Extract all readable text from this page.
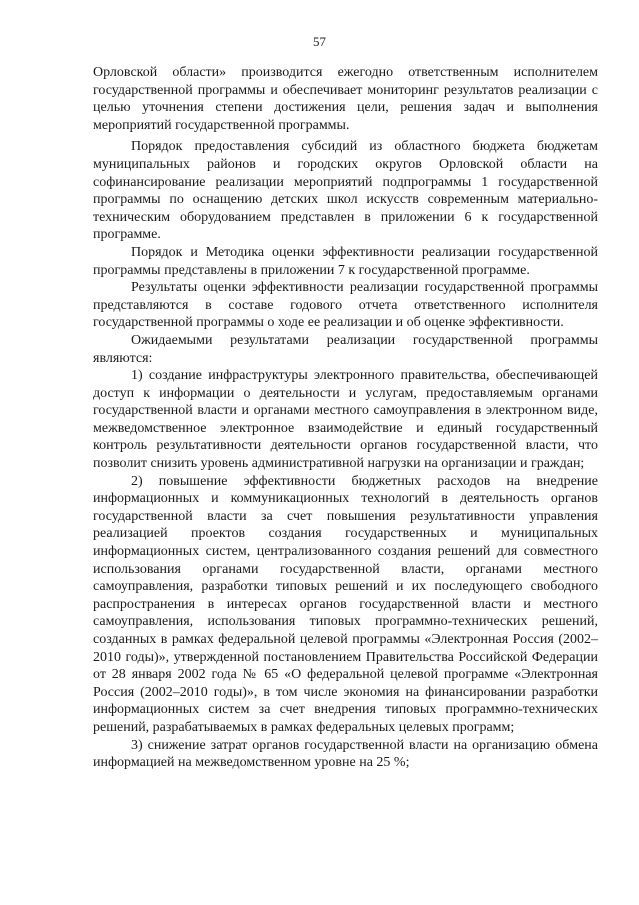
57

Орловской области» производится ежегодно ответственным исполнителем государственной программы и обеспечивает мониторинг результатов реализации с целью уточнения степени достижения цели, решения задач и выполнения мероприятий государственной программы.

Порядок предоставления субсидий из областного бюджета бюджетам муниципальных районов и городских округов Орловской области на софинансирование реализации мероприятий подпрограммы 1 государственной программы по оснащению детских школ искусств современным материально-техническим оборудованием представлен в приложении 6 к государственной программе.

Порядок и Методика оценки эффективности реализации государственной программы представлены в приложении 7 к государственной программе.

Результаты оценки эффективности реализации государственной программы представляются в составе годового отчета ответственного исполнителя государственной программы о ходе ее реализации и об оценке эффективности.

Ожидаемыми результатами реализации государственной программы являются:

1) создание инфраструктуры электронного правительства, обеспечивающей доступ к информации о деятельности и услугам, предоставляемым органами государственной власти и органами местного самоуправления в электронном виде, межведомственное электронное взаимодействие и единый государственный контроль результативности деятельности органов государственной власти, что позволит снизить уровень административной нагрузки на организации и граждан;

2) повышение эффективности бюджетных расходов на внедрение информационных и коммуникационных технологий в деятельность органов государственной власти за счет повышения результативности управления реализацией проектов создания государственных и муниципальных информационных систем, централизованного создания решений для совместного использования органами государственной власти, органами местного самоуправления, разработки типовых решений и их последующего свободного распространения в интересах органов государственной власти и местного самоуправления, использования типовых программно-технических решений, созданных в рамках федеральной целевой программы «Электронная Россия (2002–2010 годы)», утвержденной постановлением Правительства Российской Федерации от 28 января 2002 года № 65 «О федеральной целевой программе «Электронная Россия (2002–2010 годы)», в том числе экономия на финансировании разработки информационных систем за счет внедрения типовых программно-технических решений, разрабатываемых в рамках федеральных целевых программ;

3) снижение затрат органов государственной власти на организацию обмена информацией на межведомственном уровне на 25 %;
